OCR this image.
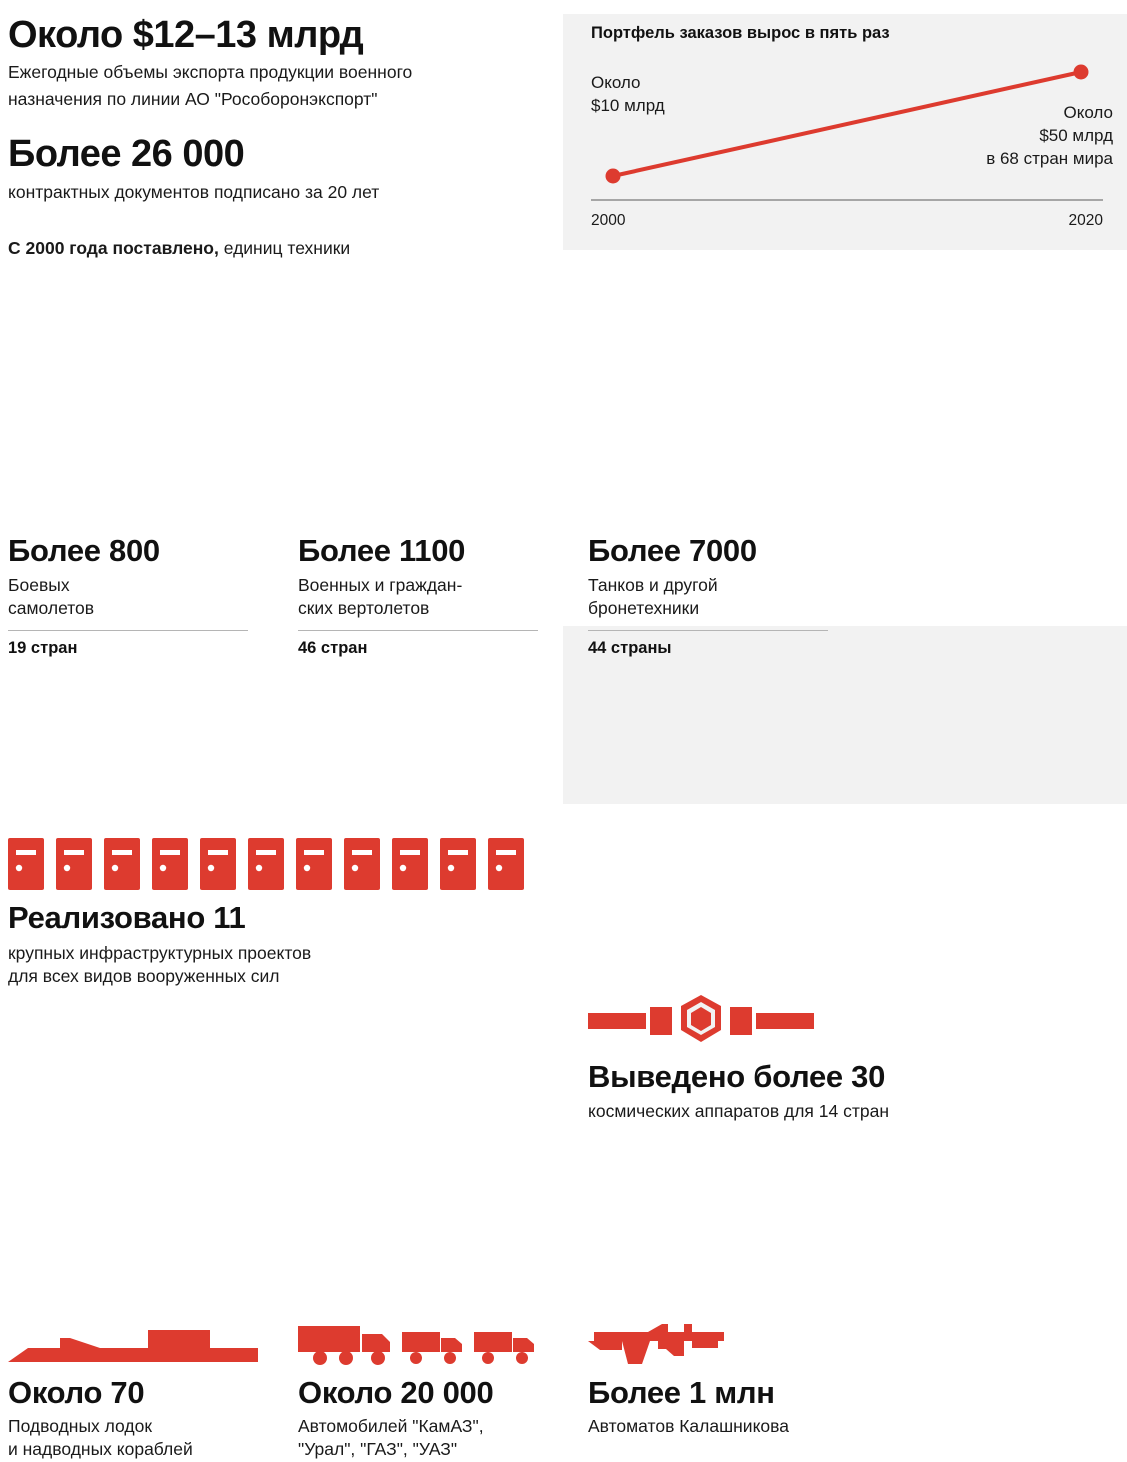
Портфель заказов вырос в пять раз
Около
$10 млрд	Около
$50 млрд
в 68 стран мира
2000	2020
Около $12–13 млрд
Ежегодные объемы экспорта продукции военного
назначения по линии АО "Рособоронэкспорт"
Более 26 000
контрактных документов подписано за 20 лет
С 2000 года поставлено, единиц техники
Более 800
Боевых
самолетов
19 стран
Более 1100
Военных и граждан-
ских вертолетов
46 стран
Более 7000
Танков и другой
бронетехники
44 страны
Реализовано 11
крупных инфраструктурных проектов
для всех видов вооруженных сил
Выведено более 30
космических аппаратов для 14 стран
Около 70
Подводных лодок
и надводных кораблей
Около 20 000
Автомобилей "КамАЗ",
"Урал", "ГАЗ", "УАЗ"
Более 1 млн
Автоматов Калашникова
